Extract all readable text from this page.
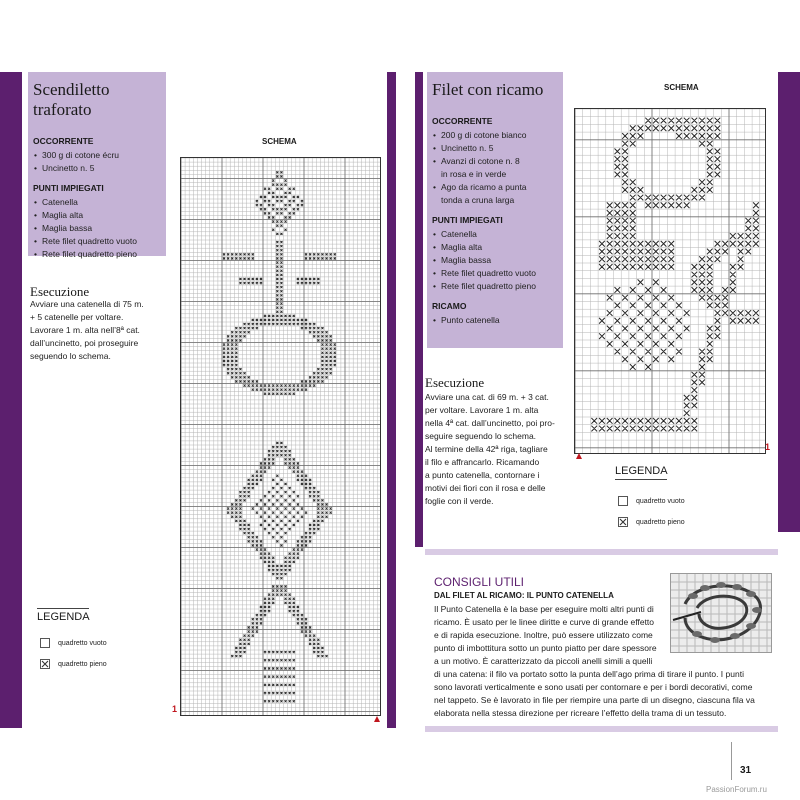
Scendiletto traforato
OCCORRENTE
• 300 g di cotone écru
• Uncinetto n. 5
PUNTI IMPIEGATI
• Catenella
• Maglia alta
• Maglia bassa
• Rete filet quadretto vuoto
• Rete filet quadretto pieno
Esecuzione
Avviare una catenella di 75 m.
+ 5 catenelle per voltare.
Lavorare 1 m. alta nell’8ª cat.
dall’uncinetto, poi proseguire
seguendo lo schema.
SCHEMA
1
LEGENDA
quadretto vuoto
quadretto pieno
Filet con ricamo
OCCORRENTE
• 200 g di cotone bianco
• Uncinetto n. 5
• Avanzi di cotone n. 8
in rosa e in verde
• Ago da ricamo a punta
tonda a cruna larga
PUNTI IMPIEGATI
• Catenella
• Maglia alta
• Maglia bassa
• Rete filet quadretto vuoto
• Rete filet quadretto pieno
RICAMO
• Punto catenella
SCHEMA
1
Esecuzione
Avviare una cat. di 69 m. + 3 cat.
per voltare. Lavorare 1 m. alta
nella 4ª cat. dall’uncinetto, poi pro-
seguire seguendo lo schema.
Al termine della 42ª riga, tagliare
il filo e affrancarlo. Ricamando
a punto catenella, contornare i
motivi dei fiori con il rosa e delle
foglie con il verde.
LEGENDA
quadretto vuoto
quadretto pieno
CONSIGLI UTILI
DAL FILET AL RICAMO: IL PUNTO CATENELLA
Il Punto Catenella è la base per eseguire molti altri punti di
ricamo. È usato per le linee diritte e curve di grande effetto
e di rapida esecuzione. Inoltre, può essere utilizzato come
punto di imbottitura sotto un punto piatto per dare spessore
a un motivo. È caratterizzato da piccoli anelli simili a quelli
di una catena: il filo va portato sotto la punta dell’ago prima di tirare il punto. I punti
sono lavorati verticalmente e sono usati per contornare e per i bordi decorativi, come
nel tappeto. Se è lavorato in file per riempire una parte di un disegno, ciascuna fila va
elaborata nella stessa direzione per ricreare l’effetto della trama di un tessuto.
31
PassionForum.ru
